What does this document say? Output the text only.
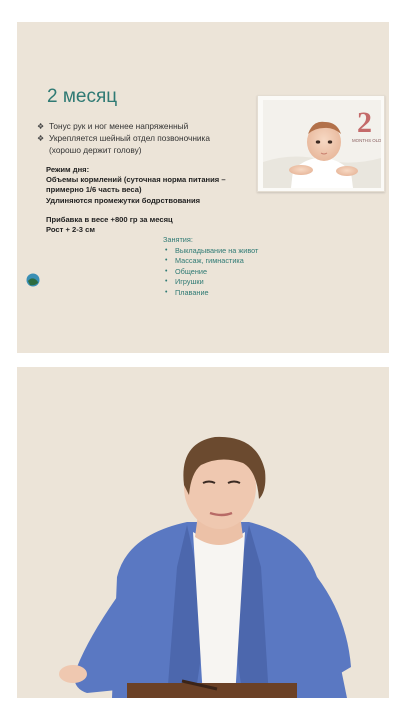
2 месяц
❖ Тонус рук и ног менее напряженный
❖ Укрепляется шейный отдел позвоночника
(хорошо держит голову)
Режим дня:
Объемы кормлений (суточная норма питания –
примерно 1/6 часть веса)
Удлиняются промежутки бодрствования
Прибавка в весе +800 гр за месяц
Рост + 2-3 см
Занятия:
•	Выкладывание на живот
•	Массаж, гимнастика
•	Общение
•	Игрушки
•	Плавание
2
MONTHS OLD
